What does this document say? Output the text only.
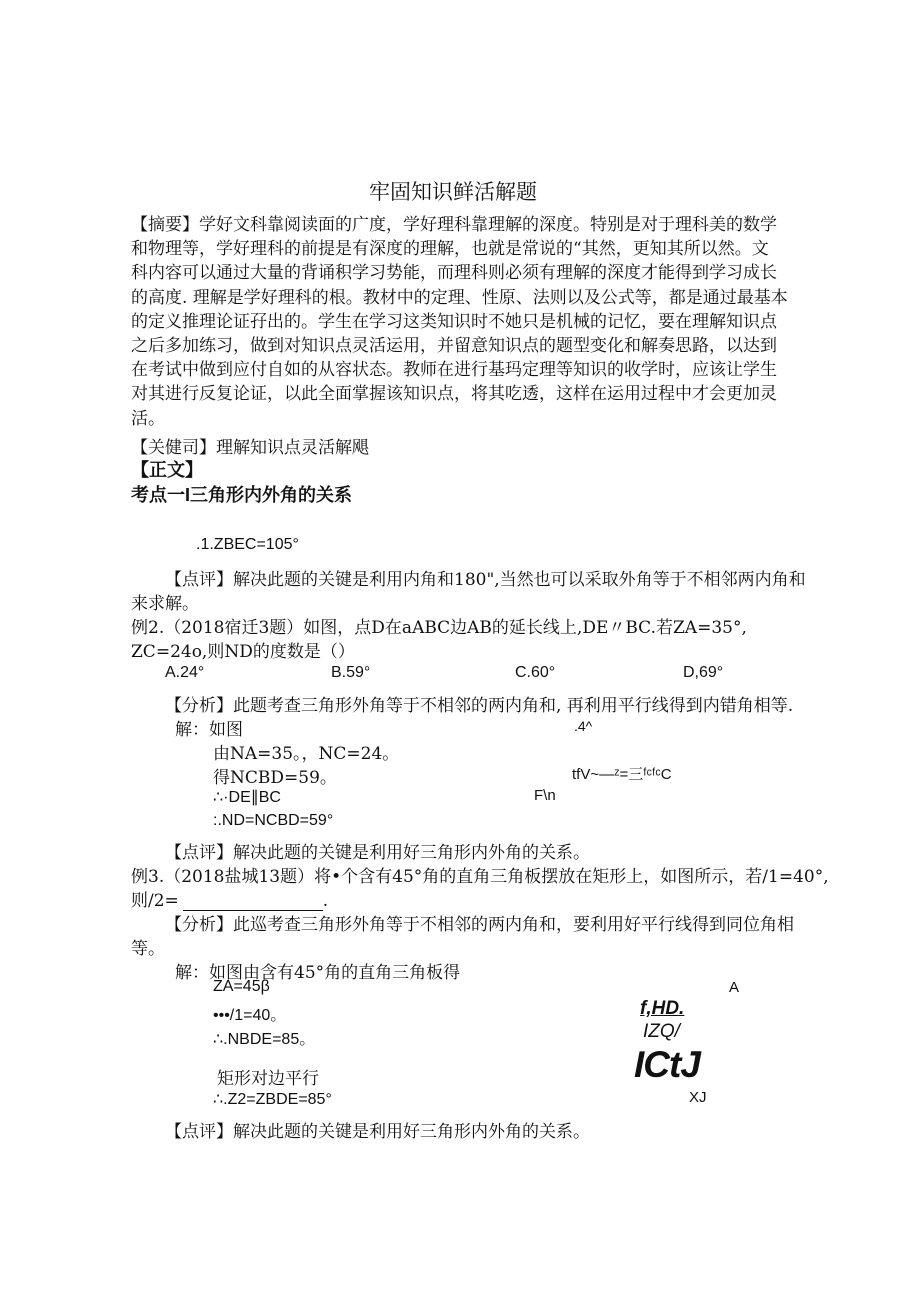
牢固知识鲜活解题
【摘要】学好文科靠阅读面的广度，学好理科靠理解的深度。特别是对于理科美的数学
和物理等，学好理科的前提是有深度的理解，也就是常说的“其然，更知其所以然。文
科内容可以通过大量的背诵积学习势能，而理科则必须有理解的深度才能得到学习成长
的高度. 理解是学好理科的根。教材中的定理、性原、法则以及公式等，都是通过最基本
的定义推理论证孖出的。学生在学习这类知识时不她只是机械的记忆，要在理解知识点
之后多加练习，做到对知识点灵活运用，并留意知识点的题型变化和解奏思路，以达到
在考试中做到应付自如的从容状态。教师在进行基玛定理等知识的收学时，应该让学生
对其进行反复论证，以此全面掌握该知识点，将其吃透，这样在运用过程中才会更加灵
活。
【关健司】理解知识点灵活解飓
【正文】
考点一I三角形内外角的关系
.1.ZBEC=105°
【点评】解决此题的关键是利用内角和180",当然也可以采取外角等于不相邻两内角和
来求解。
例2.（2018宿迁3题）如图，点D在aABC边AB的延长线上,DE〃BC.若ZA=35°,
ZC=24o,则ND的度数是（）
A.24°	B.59°	C.60°	D,69°
【分析】此题考查三角形外角等于不相邻的两内角和, 再利用平行线得到内错角相等.
解：如图
由NA=35。，NC=24。
得NCBD=59。
∴·DE∥BC
:.ND=NCBD=59°
.4^
tfV~—ᶻ=三ᶠᶜᶠᶜC
F\n
【点评】解决此题的关键是利用好三角形内外角的关系。
例3.（2018盐城13题）将•个含有45°角的直角三角板摆放在矩形上，如图所示，若/1=40°,
则/2=	.
【分析】此巡考查三角形外角等于不相邻的两内角和，要利用好平行线得到同位角相
等。
解：如图由含有45°角的直角三角板得
ZA=45β
•••/1=40。
∴.NBDE=85。
矩形对边平行
∴.Z2=ZBDE=85°
A
f,HD.
IZQ/
ICtJ
XJ
【点评】解决此题的关键是利用好三角形内外角的关系。
